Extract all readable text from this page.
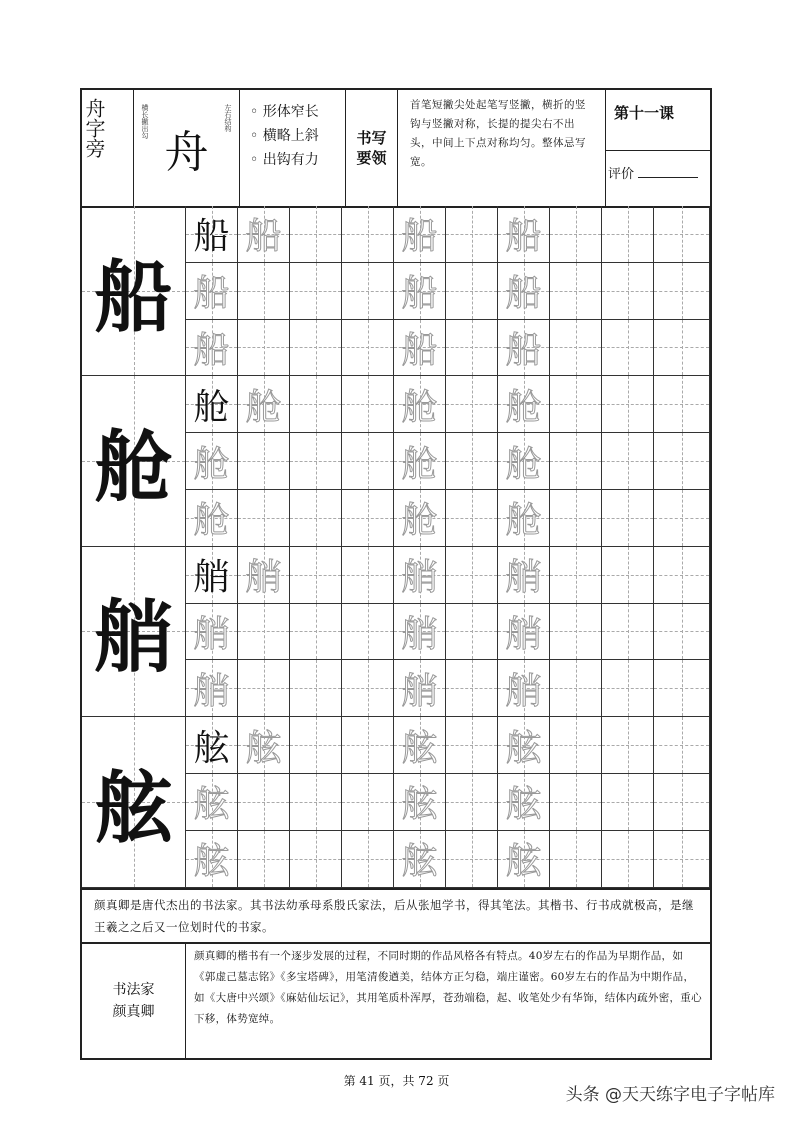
舟字旁	横长撇出勾
舟
左右结构
◦	形体窄长
◦ 横略上斜
◦ 出钩有力
书写
要领
首笔短撇尖处起笔写竖撇，横折的竖钩与竖撇对称，长提的提尖右不出头，中间上下点对称均匀。整体忌写宽。
第十一课
评价
船
船 船	船 船
船	船 船
船	船 船
舱
舱 舱	舱 舱
舱	舱 舱
舱	舱 舱
艄
艄 艄	艄 艄
艄	艄 艄
艄	艄 艄
舷
舷 舷	舷 舷
舷	舷 舷
舷	舷 舷
颜真卿是唐代杰出的书法家。其书法幼承母系殷氏家法，后从张旭学书，得其笔法。其楷书、行书成就极高，是继王羲之之后又一位划时代的书家。
书法家
颜真卿
颜真卿的楷书有一个逐步发展的过程，不同时期的作品风格各有特点。40岁左右的作品为早期作品，如《郭虚己墓志铭》《多宝塔碑》，用笔清俊遒美，结体方正匀稳，端庄谨密。60岁左右的作品为中期作品，如《大唐中兴颂》《麻姑仙坛记》，其用笔质朴浑厚，苍劲端稳，起、收笔处少有华饰，结体内疏外密，重心下移，体势宽绰。
第 41 页，共 72 页
头条 @天天练字电子字帖库
